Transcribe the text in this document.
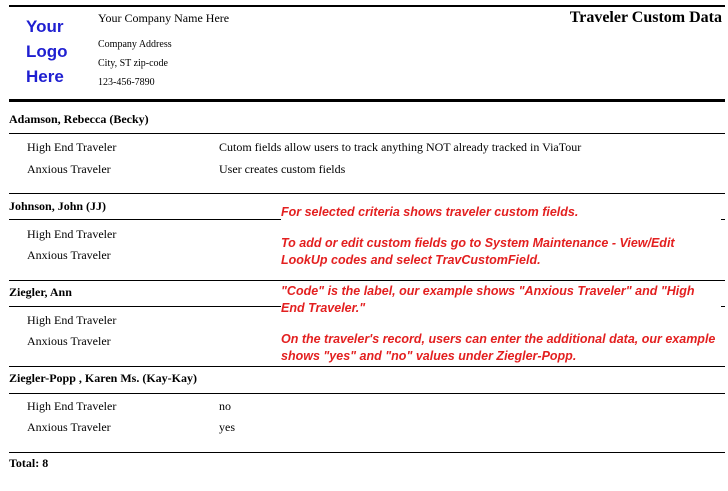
Your
Logo
Here
Your Company Name Here
Company Address
City, ST zip-code
123-456-7890
Traveler Custom Data
Adamson, Rebecca (Becky)
High End Traveler	Cutom fields allow users to track anything NOT already tracked in ViaTour
Anxious Traveler	User creates custom fields
Johnson, John (JJ)
High End Traveler
Anxious Traveler
Ziegler, Ann
High End Traveler
Anxious Traveler
Ziegler-Popp , Karen Ms. (Kay-Kay)
High End Traveler	no
Anxious Traveler	yes
Total: 8
For selected criteria shows traveler custom fields.
To add or edit custom fields go to System Maintenance - View/Edit LookUp codes and select TravCustomField.
"Code" is the label, our example shows "Anxious Traveler" and "High End Traveler."
On the traveler's record, users can enter the additional data, our example shows "yes" and "no" values under Ziegler-Popp.
